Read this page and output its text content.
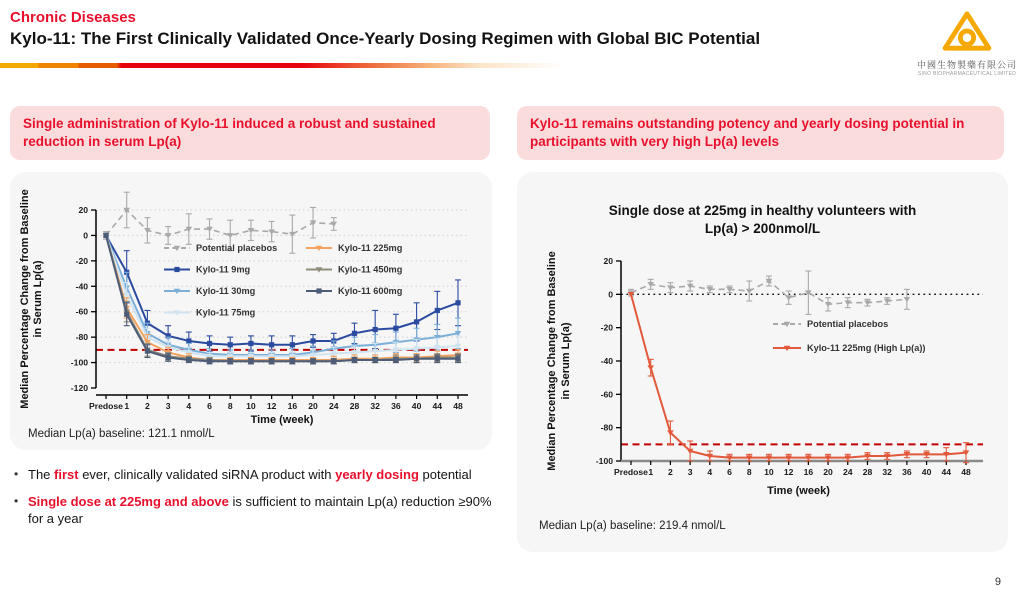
Chronic Diseases
Kylo-11: The First Clinically Validated Once-Yearly Dosing Regimen with Global BIC Potential
中國生物製藥有限公司
SINO BIOPHARMACEUTICAL LIMITED
Single administration of Kylo-11 induced a robust and sustained reduction in serum Lp(a)
Kylo-11 remains outstanding potency and yearly dosing potential in participants with very high Lp(a) levels
20
0
-20
-40
-60
-80
-100
-120
Predose 1 2 3 4 6 8 10 12 16 20 24 28 32 36 40 44 48
Potential placebos
Kylo-11 9mg
Kylo-11 30mg
Kylo-11 75mg
Kylo-11 225mg
Kylo-11 450mg
Kylo-11 600mg
Median Percentage Change from Baseline in Serum Lp(a)
Time (week)
Median Lp(a) baseline: 121.1 nmol/L
• The first ever, clinically validated siRNA product with yearly dosing potential
• Single dose at 225mg and above is sufficient to maintain Lp(a) reduction ≥90% for a year
Single dose at 225mg in healthy volunteers with
Lp(a) > 200nmol/L
20
0
-20
-40
-60
-80
-100
Predose 1 2 3 4 6 8 10 12 16 20 24 28 32 36 40 44 48
Potential placebos
Kylo-11 225mg (High Lp(a))
Median Percentage Change from Baseline in Serum Lp(a)
Time (week)
Median Lp(a) baseline: 219.4 nmol/L
9
